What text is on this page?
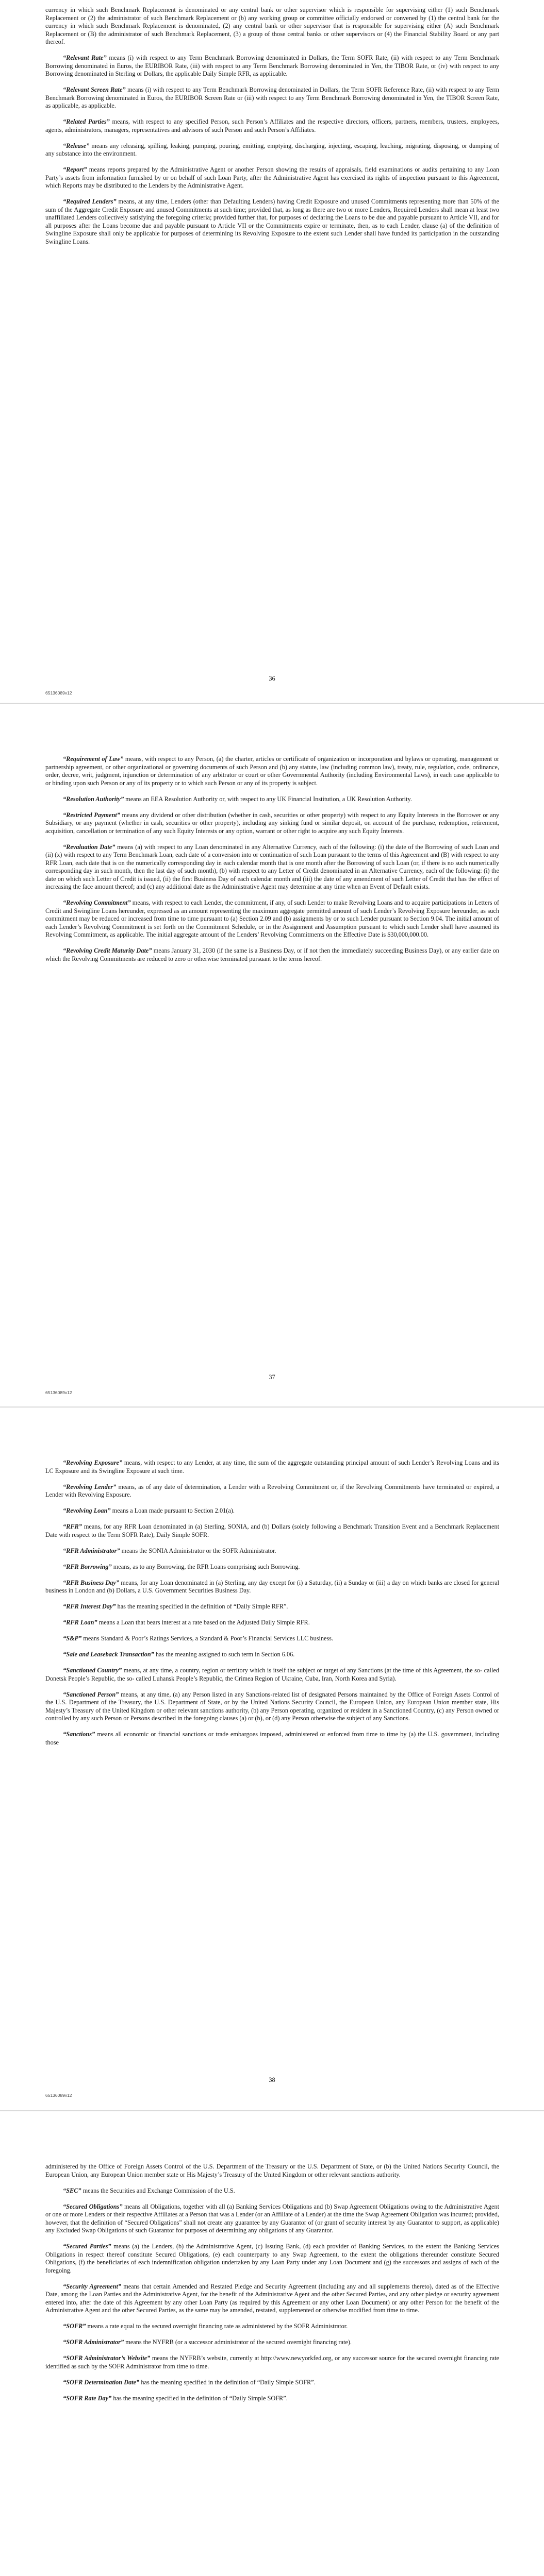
currency in which such Benchmark Replacement is denominated or any central bank or other supervisor which is responsible for supervising either (1) such Benchmark Replacement or (2) the administrator of such Benchmark Replacement or (b) any working group or committee officially endorsed or convened by (1) the central bank for the currency in which such Benchmark Replacement is denominated, (2) any central bank or other supervisor that is responsible for supervising either (A) such Benchmark Replacement or (B) the administrator of such Benchmark Replacement, (3) a group of those central banks or other supervisors or (4) the Financial Stability Board or any part thereof.

“Relevant Rate” means (i) with respect to any Term Benchmark Borrowing denominated in Dollars, the Term SOFR Rate, (ii) with respect to any Term Benchmark Borrowing denominated in Euros, the EURIBOR Rate, (iii) with respect to any Term Benchmark Borrowing denominated in Yen, the TIBOR Rate, or (iv) with respect to any Borrowing denominated in Sterling or Dollars, the applicable Daily Simple RFR, as applicable.

“Relevant Screen Rate” means (i) with respect to any Term Benchmark Borrowing denominated in Dollars, the Term SOFR Reference Rate, (ii) with respect to any Term Benchmark Borrowing denominated in Euros, the EURIBOR Screen Rate or (iii) with respect to any Term Benchmark Borrowing denominated in Yen, the TIBOR Screen Rate, as applicable, as applicable.

“Related Parties” means, with respect to any specified Person, such Person’s Affiliates and the respective directors, officers, partners, members, trustees, employees, agents, administrators, managers, representatives and advisors of such Person and such Person’s Affiliates.

“Release” means any releasing, spilling, leaking, pumping, pouring, emitting, emptying, discharging, injecting, escaping, leaching, migrating, disposing, or dumping of any substance into the environment.

“Report” means reports prepared by the Administrative Agent or another Person showing the results of appraisals, field examinations or audits pertaining to any Loan Party’s assets from information furnished by or on behalf of such Loan Party, after the Administrative Agent has exercised its rights of inspection pursuant to this Agreement, which Reports may be distributed to the Lenders by the Administrative Agent.

“Required Lenders” means, at any time, Lenders (other than Defaulting Lenders) having Credit Exposure and unused Commitments representing more than 50% of the sum of the Aggregate Credit Exposure and unused Commitments at such time; provided that, as long as there are two or more Lenders, Required Lenders shall mean at least two unaffiliated Lenders collectively satisfying the foregoing criteria; provided further that, for purposes of declaring the Loans to be due and payable pursuant to Article VII, and for all purposes after the Loans become due and payable pursuant to Article VII or the Commitments expire or terminate, then, as to each Lender, clause (a) of the definition of Swingline Exposure shall only be applicable for purposes of determining its Revolving Exposure to the extent such Lender shall have funded its participation in the outstanding Swingline Loans.

36
65136089v12

“Requirement of Law” means, with respect to any Person, (a) the charter, articles or certificate of organization or incorporation and bylaws or operating, management or partnership agreement, or other organizational or governing documents of such Person and (b) any statute, law (including common law), treaty, rule, regulation, code, ordinance, order, decree, writ, judgment, injunction or determination of any arbitrator or court or other Governmental Authority (including Environmental Laws), in each case applicable to or binding upon such Person or any of its property or to which such Person or any of its property is subject.

“Resolution Authority” means an EEA Resolution Authority or, with respect to any UK Financial Institution, a UK Resolution Authority.

“Restricted Payment” means any dividend or other distribution (whether in cash, securities or other property) with respect to any Equity Interests in the Borrower or any Subsidiary, or any payment (whether in cash, securities or other property), including any sinking fund or similar deposit, on account of the purchase, redemption, retirement, acquisition, cancellation or termination of any such Equity Interests or any option, warrant or other right to acquire any such Equity Interests.

“Revaluation Date” means (a) with respect to any Loan denominated in any Alternative Currency, each of the following: (i) the date of the Borrowing of such Loan and (ii) (x) with respect to any Term Benchmark Loan, each date of a conversion into or continuation of such Loan pursuant to the terms of this Agreement and (B) with respect to any RFR Loan, each date that is on the numerically corresponding day in each calendar month that is one month after the Borrowing of such Loan (or, if there is no such numerically corresponding day in such month, then the last day of such month), (b) with respect to any Letter of Credit denominated in an Alternative Currency, each of the following: (i) the date on which such Letter of Credit is issued, (ii) the first Business Day of each calendar month and (iii) the date of any amendment of such Letter of Credit that has the effect of increasing the face amount thereof; and (c) any additional date as the Administrative Agent may determine at any time when an Event of Default exists.

“Revolving Commitment” means, with respect to each Lender, the commitment, if any, of such Lender to make Revolving Loans and to acquire participations in Letters of Credit and Swingline Loans hereunder, expressed as an amount representing the maximum aggregate permitted amount of such Lender’s Revolving Exposure hereunder, as such commitment may be reduced or increased from time to time pursuant to (a) Section 2.09 and (b) assignments by or to such Lender pursuant to Section 9.04. The initial amount of each Lender’s Revolving Commitment is set forth on the Commitment Schedule, or in the Assignment and Assumption pursuant to which such Lender shall have assumed its Revolving Commitment, as applicable. The initial aggregate amount of the Lenders’ Revolving Commitments on the Effective Date is $30,000,000.00.

“Revolving Credit Maturity Date” means January 31, 2030 (if the same is a Business Day, or if not then the immediately succeeding Business Day), or any earlier date on which the Revolving Commitments are reduced to zero or otherwise terminated pursuant to the terms hereof.

37
65136089v12

“Revolving Exposure” means, with respect to any Lender, at any time, the sum of the aggregate outstanding principal amount of such Lender’s Revolving Loans and its LC Exposure and its Swingline Exposure at such time.

“Revolving Lender” means, as of any date of determination, a Lender with a Revolving Commitment or, if the Revolving Commitments have terminated or expired, a Lender with Revolving Exposure.

“Revolving Loan” means a Loan made pursuant to Section 2.01(a).

“RFR” means, for any RFR Loan denominated in (a) Sterling, SONIA, and (b) Dollars (solely following a Benchmark Transition Event and a Benchmark Replacement Date with respect to the Term SOFR Rate), Daily Simple SOFR.

“RFR Administrator” means the SONIA Administrator or the SOFR Administrator.

“RFR Borrowing” means, as to any Borrowing, the RFR Loans comprising such Borrowing.

“RFR Business Day” means, for any Loan denominated in (a) Sterling, any day except for (i) a Saturday, (ii) a Sunday or (iii) a day on which banks are closed for general business in London and (b) Dollars, a U.S. Government Securities Business Day.

“RFR Interest Day” has the meaning specified in the definition of “Daily Simple RFR”.

“RFR Loan” means a Loan that bears interest at a rate based on the Adjusted Daily Simple RFR.

“S&P” means Standard & Poor’s Ratings Services, a Standard & Poor’s Financial Services LLC business.

“Sale and Leaseback Transaction” has the meaning assigned to such term in Section 6.06.

“Sanctioned Country” means, at any time, a country, region or territory which is itself the subject or target of any Sanctions (at the time of this Agreement, the so- called Donetsk People’s Republic, the so- called Luhansk People’s Republic, the Crimea Region of Ukraine, Cuba, Iran, North Korea and Syria).

“Sanctioned Person” means, at any time, (a) any Person listed in any Sanctions-related list of designated Persons maintained by the Office of Foreign Assets Control of the U.S. Department of the Treasury, the U.S. Department of State, or by the United Nations Security Council, the European Union, any European Union member state, His Majesty’s Treasury of the United Kingdom or other relevant sanctions authority, (b) any Person operating, organized or resident in a Sanctioned Country, (c) any Person owned or controlled by any such Person or Persons described in the foregoing clauses (a) or (b), or (d) any Person otherwise the subject of any Sanctions.

“Sanctions” means all economic or financial sanctions or trade embargoes imposed, administered or enforced from time to time by (a) the U.S. government, including those

38
65136089v12

administered by the Office of Foreign Assets Control of the U.S. Department of the Treasury or the U.S. Department of State, or (b) the United Nations Security Council, the European Union, any European Union member state or His Majesty’s Treasury of the United Kingdom or other relevant sanctions authority.

“SEC” means the Securities and Exchange Commission of the U.S.

“Secured Obligations” means all Obligations, together with all (a) Banking Services Obligations and (b) Swap Agreement Obligations owing to the Administrative Agent or one or more Lenders or their respective Affiliates at a Person that was a Lender (or an Affiliate of a Lender) at the time the Swap Agreement Obligation was incurred; provided, however, that the definition of “Secured Obligations” shall not create any guarantee by any Guarantor of (or grant of security interest by any Guarantor to support, as applicable) any Excluded Swap Obligations of such Guarantor for purposes of determining any obligations of any Guarantor.

“Secured Parties” means (a) the Lenders, (b) the Administrative Agent, (c) Issuing Bank, (d) each provider of Banking Services, to the extent the Banking Services Obligations in respect thereof constitute Secured Obligations, (e) each counterparty to any Swap Agreement, to the extent the obligations thereunder constitute Secured Obligations, (f) the beneficiaries of each indemnification obligation undertaken by any Loan Party under any Loan Document and (g) the successors and assigns of each of the foregoing.

“Security Agreement” means that certain Amended and Restated Pledge and Security Agreement (including any and all supplements thereto), dated as of the Effective Date, among the Loan Parties and the Administrative Agent, for the benefit of the Administrative Agent and the other Secured Parties, and any other pledge or security agreement entered into, after the date of this Agreement by any other Loan Party (as required by this Agreement or any other Loan Document) or any other Person for the benefit of the Administrative Agent and the other Secured Parties, as the same may be amended, restated, supplemented or otherwise modified from time to time.

“SOFR” means a rate equal to the secured overnight financing rate as administered by the SOFR Administrator.

“SOFR Administrator” means the NYFRB (or a successor administrator of the secured overnight financing rate).

“SOFR Administrator’s Website” means the NYFRB’s website, currently at http://www.newyorkfed.org, or any successor source for the secured overnight financing rate identified as such by the SOFR Administrator from time to time.

“SOFR Determination Date” has the meaning specified in the definition of “Daily Simple SOFR”.

“SOFR Rate Day” has the meaning specified in the definition of “Daily Simple SOFR”.
